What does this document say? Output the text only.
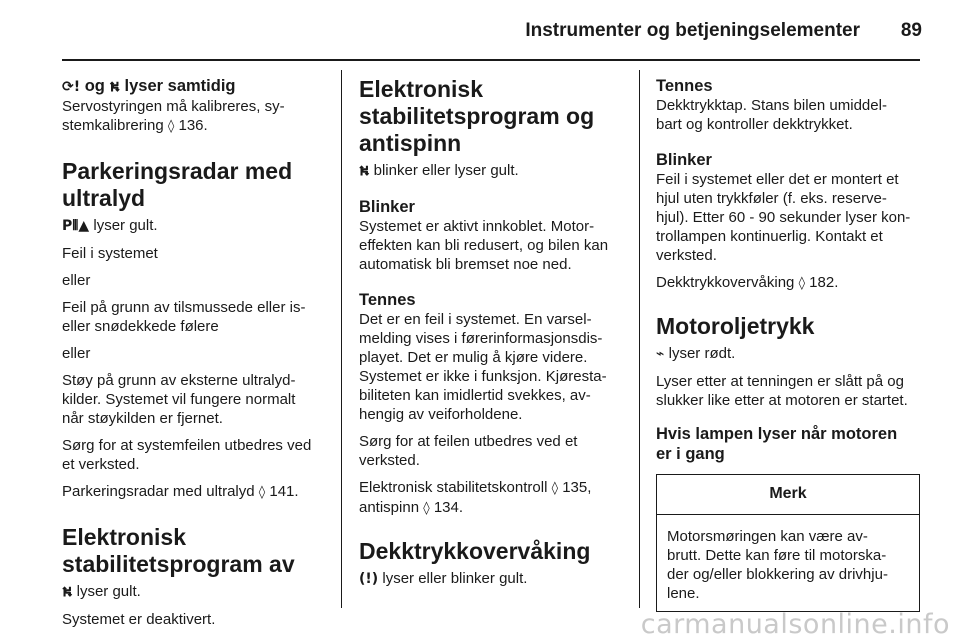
Instrumenter og betjeningselementer 89

⟳! og ⛕ lyser samtidig

Servostyringen må kalibreres, sy-

stemkalibrering ◊ 136.

Parkeringsradar med

ultralyd

P⦀▲ lyser gult.

Feil i systemet

eller

Feil på grunn av tilsmussede eller is-

eller snødekkede følere

eller

Støy på grunn av eksterne ultralyd-

kilder. Systemet vil fungere normalt

når støykilden er fjernet.

Sørg for at systemfeilen utbedres ved

et verksted.

Parkeringsradar med ultralyd ◊ 141.

Elektronisk

stabilitetsprogram av

⛕ lyser gult.

Systemet er deaktivert.

Elektronisk

stabilitetsprogram og

antispinn

⛕ blinker eller lyser gult.

Blinker

Systemet er aktivt innkoblet. Motor-

effekten kan bli redusert, og bilen kan

automatisk bli bremset noe ned.

Tennes

Det er en feil i systemet. En varsel-

melding vises i førerinformasjonsdis-

playet. Det er mulig å kjøre videre.

Systemet er ikke i funksjon. Kjøresta-

biliteten kan imidlertid svekkes, av-

hengig av veiforholdene.

Sørg for at feilen utbedres ved et

verksted.

Elektronisk stabilitetskontroll ◊ 135,

antispinn ◊ 134.

Dekktrykkovervåking

(!) lyser eller blinker gult.

Tennes

Dekktrykktap. Stans bilen umiddel-

bart og kontroller dekktrykket.

Blinker

Feil i systemet eller det er montert et

hjul uten trykkføler (f. eks. reserve-

hjul). Etter 60 - 90 sekunder lyser kon-

trollampen kontinuerlig. Kontakt et

verksted.

Dekktrykkovervåking ◊ 182.

Motoroljetrykk

⌁ lyser rødt.

Lyser etter at tenningen er slått på og

slukker like etter at motoren er startet.

Hvis lampen lyser når motoren

er i gang

Merk

Motorsmøringen kan være av-

brutt. Dette kan føre til motorska-

der og/eller blokkering av drivhju-

lene.

carmanualsonline.info
